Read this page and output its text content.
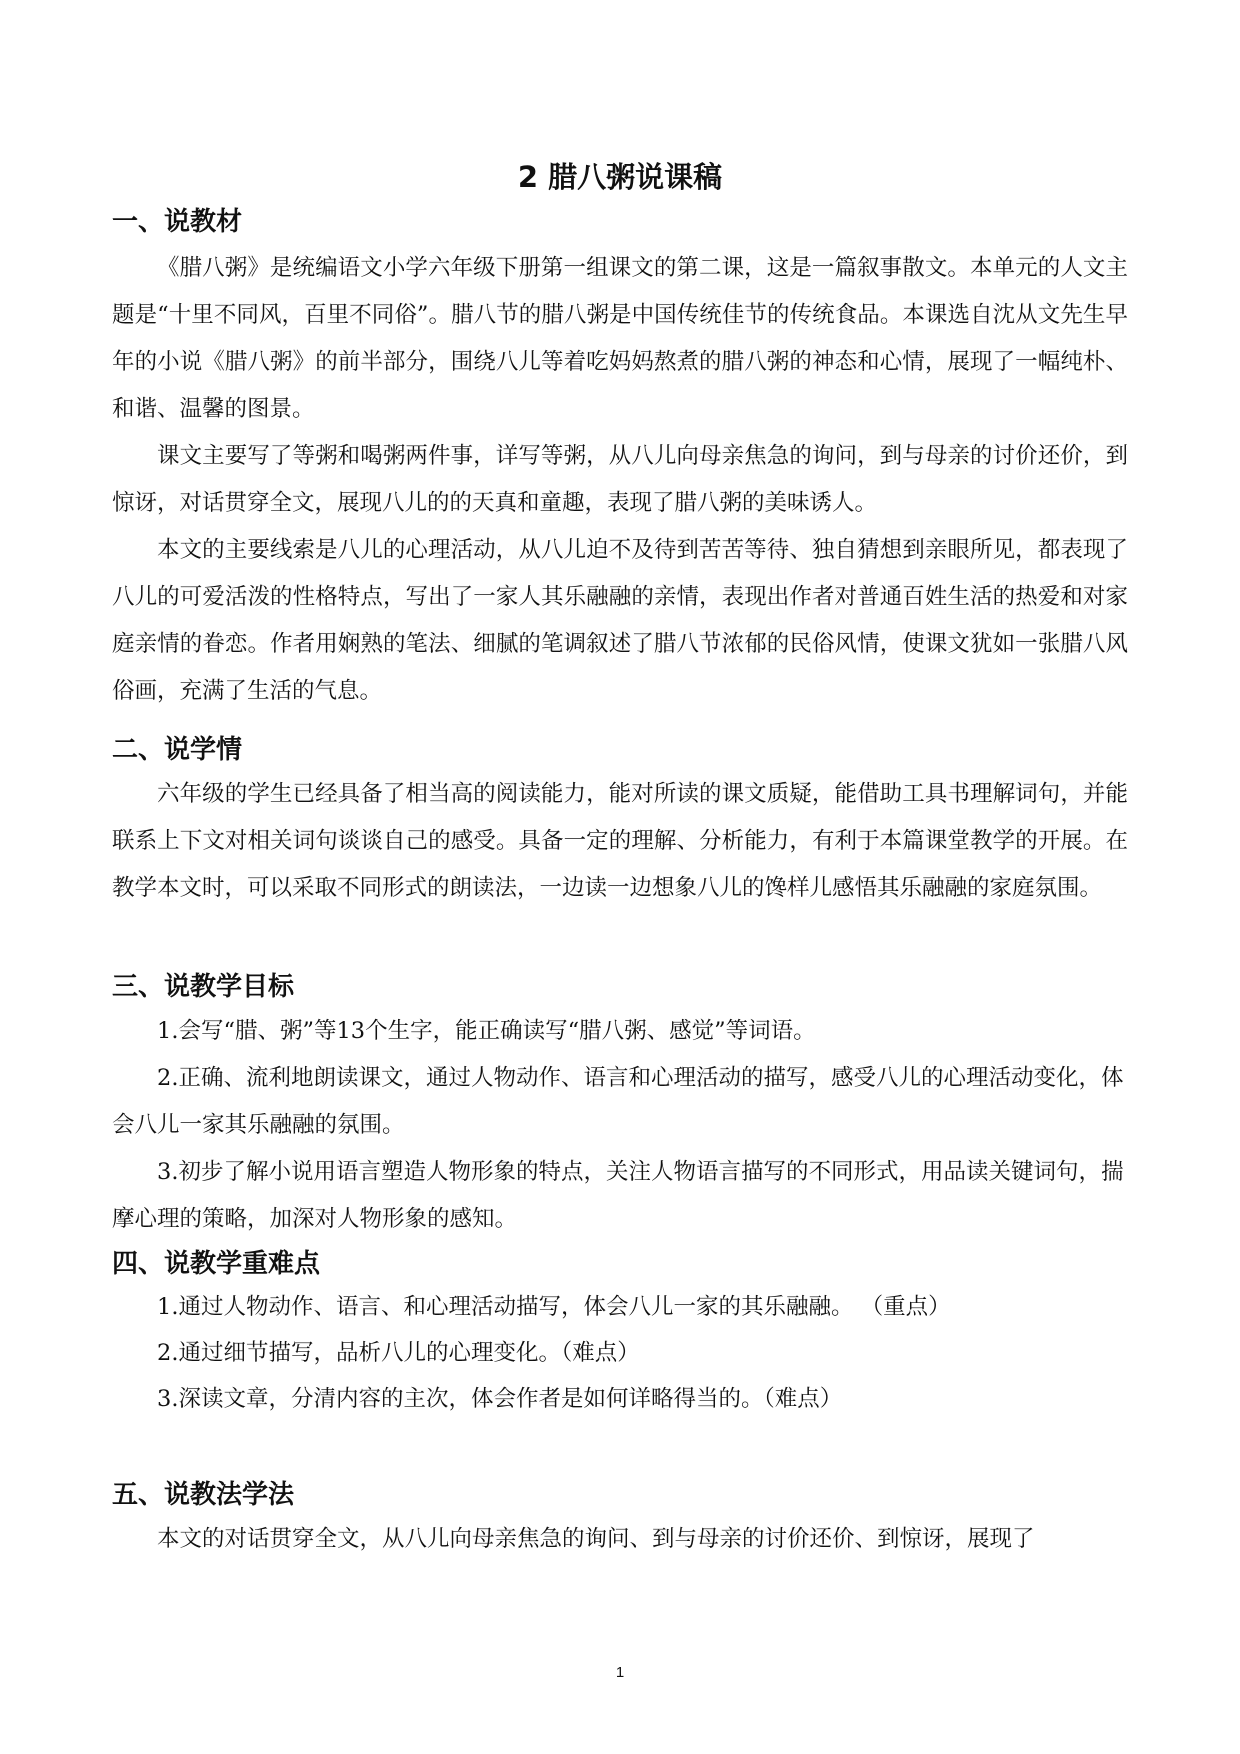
2 腊八粥说课稿
一、说教材

《腊八粥》是统编语文小学六年级下册第一组课文的第二课，这是一篇叙事散文。本单元的人文主题是“十里不同风，百里不同俗”。腊八节的腊八粥是中国传统佳节的传统食品。本课选自沈从文先生早年的小说《腊八粥》的前半部分，围绕八儿等着吃妈妈熬煮的腊八粥的神态和心情，展现了一幅纯朴、和谐、温馨的图景。

课文主要写了等粥和喝粥两件事，详写等粥，从八儿向母亲焦急的询问，到与母亲的讨价还价，到惊讶，对话贯穿全文，展现八儿的的天真和童趣，表现了腊八粥的美味诱人。

本文的主要线索是八儿的心理活动，从八儿迫不及待到苦苦等待、独自猜想到亲眼所见，都表现了八儿的可爱活泼的性格特点，写出了一家人其乐融融的亲情，表现出作者对普通百姓生活的热爱和对家庭亲情的眷恋。作者用娴熟的笔法、细腻的笔调叙述了腊八节浓郁的民俗风情，使课文犹如一张腊八风俗画，充满了生活的气息。

二、说学情

六年级的学生已经具备了相当高的阅读能力，能对所读的课文质疑，能借助工具书理解词句，并能联系上下文对相关词句谈谈自己的感受。具备一定的理解、分析能力，有利于本篇课堂教学的开展。在教学本文时，可以采取不同形式的朗读法，一边读一边想象八儿的馋样儿感悟其乐融融的家庭氛围。

三、说教学目标

1.会写“腊、粥”等13个生字，能正确读写“腊八粥、感觉”等词语。

2.正确、流利地朗读课文，通过人物动作、语言和心理活动的描写，感受八儿的心理活动变化，体会八儿一家其乐融融的氛围。

3.初步了解小说用语言塑造人物形象的特点，关注人物语言描写的不同形式，用品读关键词句，揣摩心理的策略，加深对人物形象的感知。

四、说教学重难点

1.通过人物动作、语言、和心理活动描写，体会八儿一家的其乐融融。 （重点）

2.通过细节描写，品析八儿的心理变化。（难点）

3.深读文章，分清内容的主次，体会作者是如何详略得当的。（难点）

五、说教法学法

本文的对话贯穿全文，从八儿向母亲焦急的询问、到与母亲的讨价还价、到惊讶，展现了

1
